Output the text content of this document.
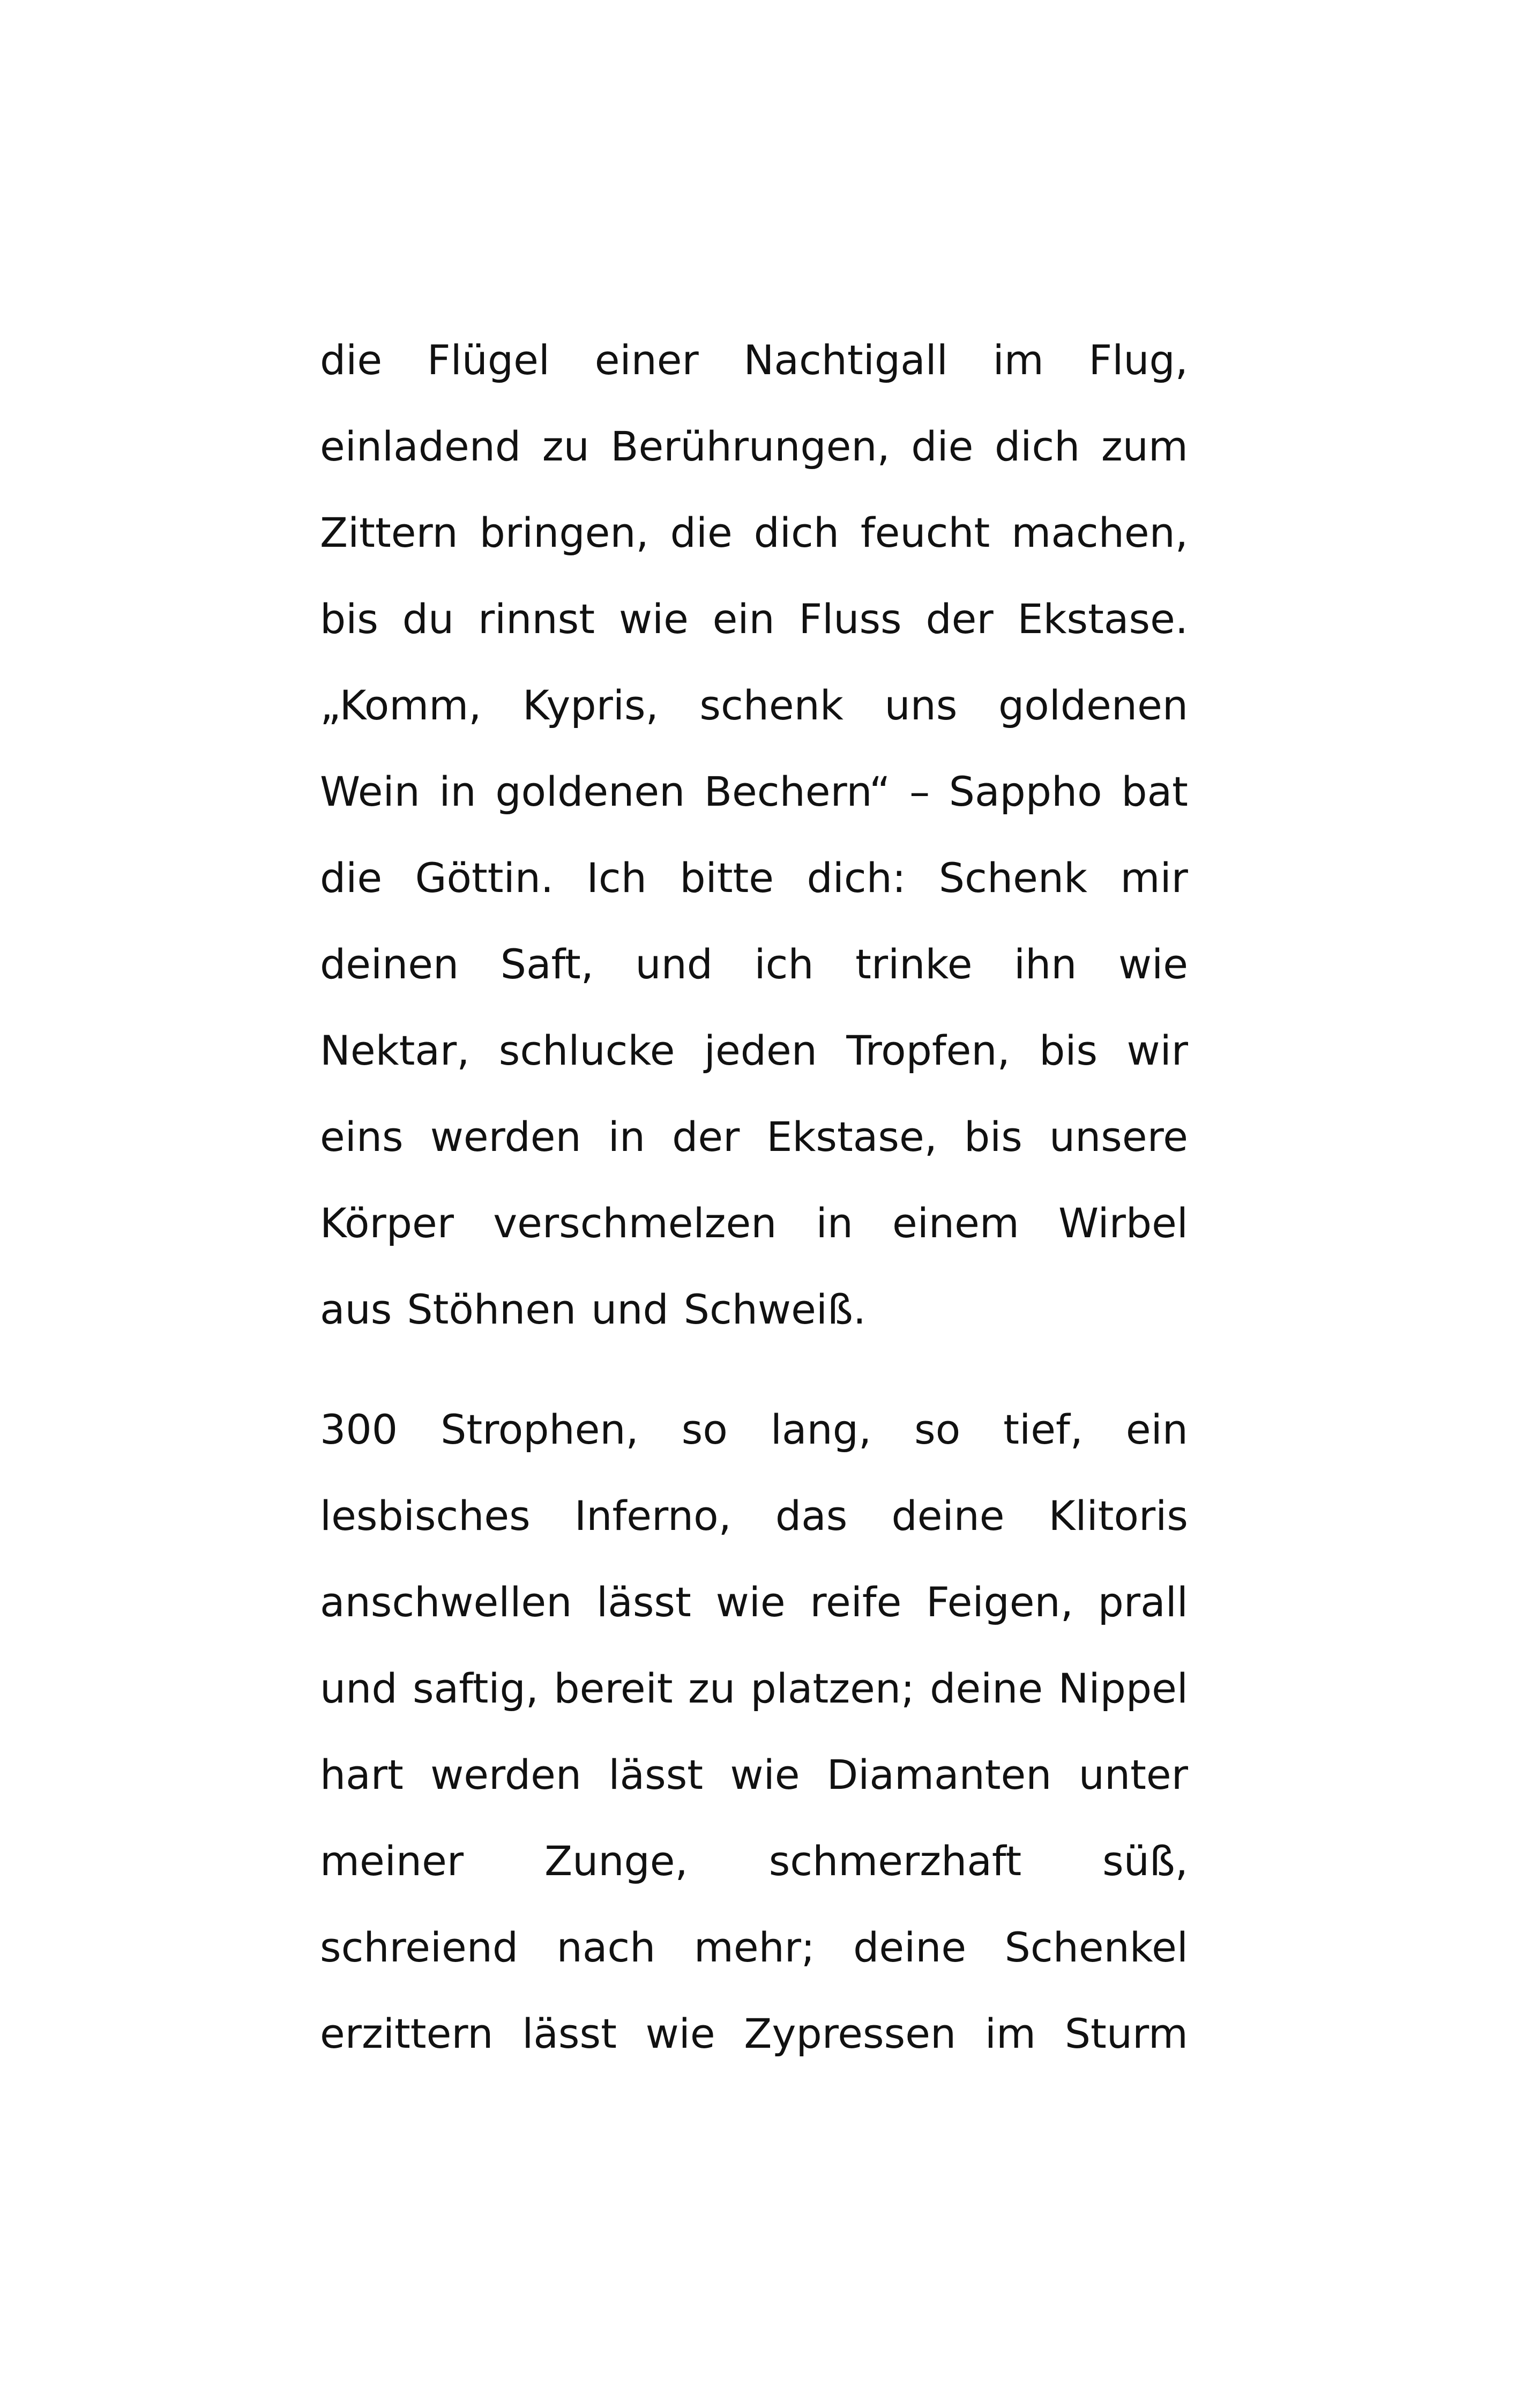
die Flügel einer Nachtigall im Flug,
einladend zu Berührungen, die dich zum
Zittern bringen, die dich feucht machen,
bis du rinnst wie ein Fluss der Ekstase.
„Komm, Kypris, schenk uns goldenen
Wein in goldenen Bechern“ – Sappho bat
die Göttin. Ich bitte dich: Schenk mir
deinen Saft, und ich trinke ihn wie
Nektar, schlucke jeden Tropfen, bis wir
eins werden in der Ekstase, bis unsere
Körper verschmelzen in einem Wirbel
aus Stöhnen und Schweiß.
300 Strophen, so lang, so tief, ein
lesbisches Inferno, das deine Klitoris
anschwellen lässt wie reife Feigen, prall
und saftig, bereit zu platzen; deine Nippel
hart werden lässt wie Diamanten unter
meiner Zunge, schmerzhaft süß,
schreiend nach mehr; deine Schenkel
erzittern lässt wie Zypressen im Sturm
